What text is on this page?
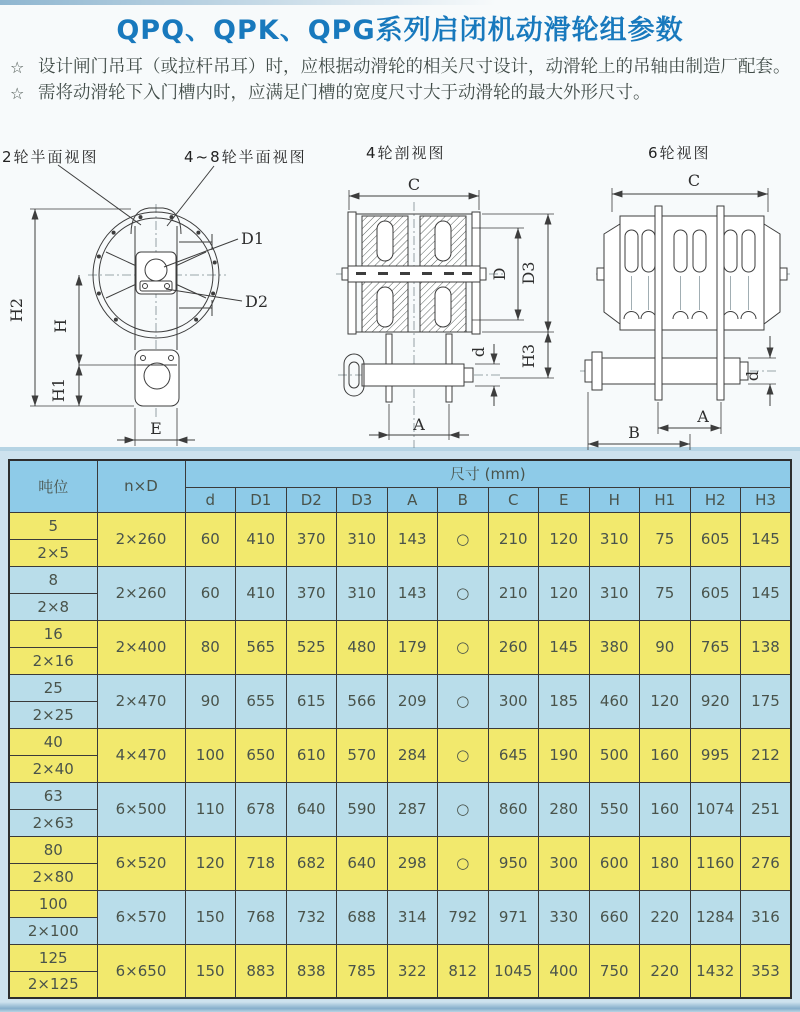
QPQ、QPK、QPG系列启闭机动滑轮组参数
☆ 设计闸门吊耳（或拉杆吊耳）时，应根据动滑轮的相关尺寸设计，动滑轮上的吊轴由制造厂配套。
☆ 需将动滑轮下入门槽内时，应满足门槽的宽度尺寸大于动滑轮的最大外形尺寸。
2轮半面视图	4~8轮半面视图
H2
H
H1
E
D1
D2
4轮剖视图
C
D D3
d H3
A
6轮视图
C
d
A
B
吨位	n×D	尺寸 (mm)											
		d	D1	D2	D3	A	B	C	E	H	H1	H2	H3
5	2×260	60	410	370	310	143	○	210	120	310	75	605	145
2×5													
8	2×260	60	410	370	310	143	○	210	120	310	75	605	145
2×8													
16	2×400	80	565	525	480	179	○	260	145	380	90	765	138
2×16													
25	2×470	90	655	615	566	209	○	300	185	460	120	920	175
2×25													
40	4×470	100	650	610	570	284	○	645	190	500	160	995	212
2×40													
63	6×500	110	678	640	590	287	○	860	280	550	160	1074	251
2×63													
80	6×520	120	718	682	640	298	○	950	300	600	180	1160	276
2×80													
100	6×570	150	768	732	688	314	792	971	330	660	220	1284	316
2×100													
125	6×650	150	883	838	785	322	812	1045	400	750	220	1432	353
2×125													
